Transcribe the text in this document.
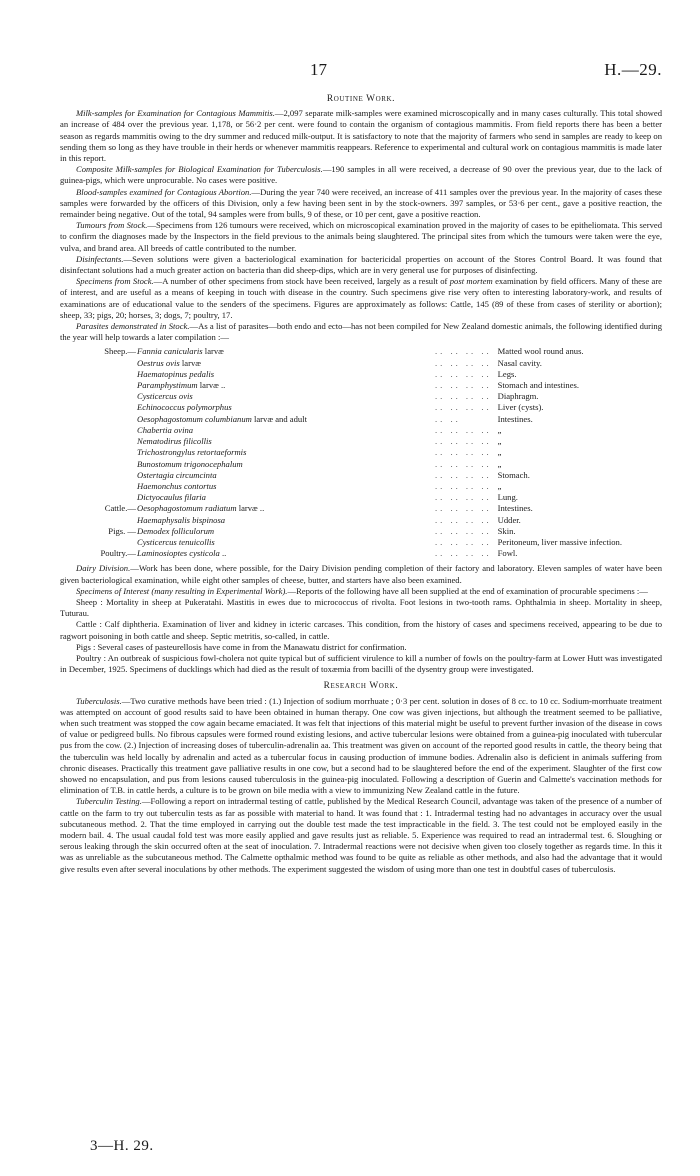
17	H.—29.
Routine Work.

Milk-samples for Examination for Contagious Mammitis.—2,097 separate milk-samples were examined microscopically and in many cases culturally. This total showed an increase of 484 over the previous year. 1,178, or 56·2 per cent. were found to contain the organism of contagious mammitis. From field reports there has been a better season as regards mammitis owing to the dry summer and reduced milk-output. It is satisfactory to note that the majority of farmers who send in samples are ready to keep on sending them so long as they have trouble in their herds or whenever mammitis reappears. Reference to experimental and cultural work on contagious mammitis is made later in this report.

Composite Milk-samples for Biological Examination for Tuberculosis.—190 samples in all were received, a decrease of 90 over the previous year, due to the lack of guinea-pigs, which were unprocurable. No cases were positive.

Blood-samples examined for Contagious Abortion.—During the year 740 were received, an increase of 411 samples over the previous year. In the majority of cases these samples were forwarded by the officers of this Division, only a few having been sent in by the stock-owners. 397 samples, or 53·6 per cent., gave a positive reaction, the remainder being negative. Out of the total, 94 samples were from bulls, 9 of these, or 10 per cent, gave a positive reaction.

Tumours from Stock.—Specimens from 126 tumours were received, which on microscopical examination proved in the majority of cases to be epitheliomata. This served to confirm the diagnoses made by the Inspectors in the field previous to the animals being slaughtered. The principal sites from which the tumours were taken were the eye, vulva, and brand area. All breeds of cattle contributed to the number.

Disinfectants.—Seven solutions were given a bacteriological examination for bactericidal properties on account of the Stores Control Board. It was found that disinfectant solutions had a much greater action on bacteria than did sheep-dips, which are in very general use for purposes of disinfecting.

Specimens from Stock.—A number of other specimens from stock have been received, largely as a result of post mortem examination by field officers. Many of these are of interest, and are useful as a means of keeping in touch with disease in the country. Such specimens give rise very often to interesting laboratory-work, and results of examinations are of educational value to the senders of the specimens. Figures are approximately as follows: Cattle, 145 (89 of these from cases of sterility or abortion); sheep, 33; pigs, 20; horses, 3; dogs, 7; poultry, 17.

Parasites demonstrated in Stock.—As a list of parasites—both endo and ecto—has not been compiled for New Zealand domestic animals, the following identified during the year will help towards a later compilation :—

Sheep.—	Fannia canicularis larvæ	.. .. .. ..	Matted wool round anus.
	Oestrus ovis larvæ	.. .. .. ..	Nasal cavity.
	Haematopinus pedalis	.. .. .. ..	Legs.
	Paramphystimum larvæ ..	.. .. .. ..	Stomach and intestines.
	Cysticercus ovis	.. .. .. ..	Diaphragm.
	Echinococcus polymorphus	.. .. .. ..	Liver (cysts).
	Oesophagostomum columbianum larvæ and adult	.. ..	Intestines.
	Chabertia ovina	.. .. .. ..	„
	Nematodirus filicollis	.. .. .. ..	„
	Trichostrongylus retortaeformis	.. .. .. ..	„
	Bunostomum trigonocephalum	.. .. .. ..	„
	Ostertagia circumcinta	.. .. .. ..	Stomach.
	Haemonchus contortus	.. .. .. ..	„
	Dictyocaulus filaria	.. .. .. ..	Lung.
Cattle.—	Oesophagostomum radiatum larvæ ..	.. .. .. ..	Intestines.
	Haemaphysalis bispinosa	.. .. .. ..	Udder.
Pigs. —	Demodex folliculorum	.. .. .. ..	Skin.
	Cysticercus tenuicollis	.. .. .. ..	Peritoneum, liver massive infection.
Poultry.—	Laminosioptes cysticola ..	.. .. .. ..	Fowl.

Dairy Division.—Work has been done, where possible, for the Dairy Division pending completion of their factory and laboratory. Eleven samples of water have been given bacteriological examination, while eight other samples of cheese, butter, and starters have also been examined.

Specimens of Interest (many resulting in Experimental Work).—Reports of the following have all been supplied at the end of examination of procurable specimens :—

Sheep : Mortality in sheep at Pukeratahi. Mastitis in ewes due to micrococcus of rivolta. Foot lesions in two-tooth rams. Ophthalmia in sheep. Mortality in sheep, Tuturau.

Cattle : Calf diphtheria. Examination of liver and kidney in icteric carcases. This condition, from the history of cases and specimens received, appearing to be due to ragwort poisoning in both cattle and sheep. Septic metritis, so-called, in cattle.

Pigs : Several cases of pasteurellosis have come in from the Manawatu district for confirmation.

Poultry : An outbreak of suspicious fowl-cholera not quite typical but of sufficient virulence to kill a number of fowls on the poultry-farm at Lower Hutt was investigated in December, 1925. Specimens of ducklings which had died as the result of toxæmia from bacilli of the dysentry group were investigated.

Research Work.

Tuberculosis.—Two curative methods have been tried : (1.) Injection of sodium morrhuate ; 0·3 per cent. solution in doses of 8 cc. to 10 cc. Sodium-morrhuate treatment was attempted on account of good results said to have been obtained in human therapy. One cow was given injections, but although the treatment seemed to be palliative, when such treatment was stopped the cow again became emaciated. It was felt that injections of this material might be useful to prevent further invasion of the disease in cows of value or pedigreed bulls. No fibrous capsules were formed round existing lesions, and active tubercular lesions were obtained from a guinea-pig inoculated with tubercular pus from the cow. (2.) Injection of increasing doses of tuberculin-adrenalin aa. This treatment was given on account of the reported good results in cattle, the theory being that the tuberculin was held locally by adrenalin and acted as a tubercular focus in causing production of immune bodies. Adrenalin also is deficient in animals suffering from chronic diseases. Practically this treatment gave palliative results in one cow, but a second had to be slaughtered before the end of the experiment. Slaughter of the first cow showed no encapsulation, and pus from lesions caused tuberculosis in the guinea-pig inoculated. Following a description of Guerin and Calmette's vaccination methods for elimination of T.B. in cattle herds, a culture is to be grown on bile media with a view to immunizing New Zealand cattle in the future.

Tuberculin Testing.—Following a report on intradermal testing of cattle, published by the Medical Research Council, advantage was taken of the presence of a number of cattle on the farm to try out tuberculin tests as far as possible with material to hand. It was found that : 1. Intradermal testing had no advantages in accuracy over the usual subcutaneous method. 2. That the time employed in carrying out the double test made the test impracticable in the field. 3. The test could not be employed easily in the modern bail. 4. The usual caudal fold test was more easily applied and gave results just as reliable. 5. Experience was required to read an intradermal test. 6. Sloughing or serous leaking through the skin occurred often at the seat of inoculation. 7. Intradermal reactions were not decisive when given too closely together as regards time. In this it was as unreliable as the subcutaneous method. The Calmette opthalmic method was found to be quite as reliable as other methods, and also had the advantage that it would give results even after several inoculations by other methods. The experiment suggested the wisdom of using more than one test in doubtful cases of tuberculosis.

3—H. 29.
